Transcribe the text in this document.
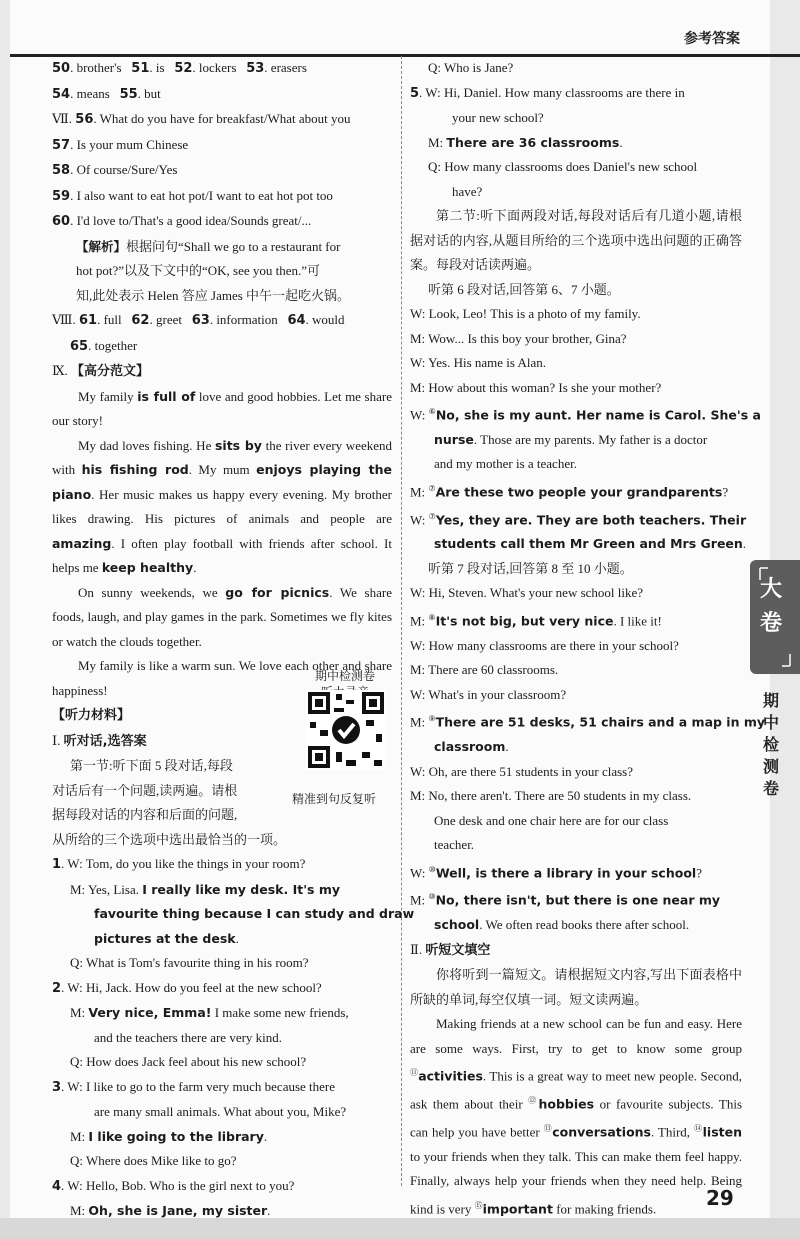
参考答案
50. brother's   51. is   52. lockers   53. erasers
54. means   55. but
Ⅶ. 56. What do you have for breakfast/What about you
57. Is your mum Chinese
58. Of course/Sure/Yes
59. I also want to eat hot pot/I want to eat hot pot too
60. I'd love to/That's a good idea/Sounds great/...
【解析】根据问句“Shall we go to a restaurant for
hot pot?”以及下文中的“OK, see you then.”可
知,此处表示 Helen 答应 James 中午一起吃火锅。
Ⅷ. 61. full   62. greet   63. information   64. would
65. together
Ⅸ. 【高分范文】
My family is full of love and good hobbies. Let me share our story!
My dad loves fishing. He sits by the river every weekend with his fishing rod. My mum enjoys playing the piano. Her music makes us happy every evening. My brother likes drawing. His pictures of animals and people are amazing. I often play football with friends after school. It helps me keep healthy.
On sunny weekends, we go for picnics. We share foods, laugh, and play games in the park. Sometimes we fly kites or watch the clouds together.
My family is like a warm sun. We love each other and share happiness!
【听力材料】
Ⅰ. 听对话,选答案
第一节:听下面 5 段对话,每段
对话后有一个问题,读两遍。请根
据每段对话的内容和后面的问题,
从所给的三个选项中选出最恰当的一项。
1. W: Tom, do you like the things in your room?
M: Yes, Lisa. I really like my desk. It's my
favourite thing because I can study and draw
pictures at the desk.
Q: What is Tom's favourite thing in his room?
2. W: Hi, Jack. How do you feel at the new school?
M: Very nice, Emma! I make some new friends,
and the teachers there are very kind.
Q: How does Jack feel about his new school?
3. W: I like to go to the farm very much because there
are many small animals. What about you, Mike?
M: I like going to the library.
Q: Where does Mike like to go?
4. W: Hello, Bob. Who is the girl next to you?
M: Oh, she is Jane, my sister.
Q: Who is Jane?
5. W: Hi, Daniel. How many classrooms are there in
your new school?
M: There are 36 classrooms.
Q: How many classrooms does Daniel's new school
have?
第二节:听下面两段对话,每段对话后有几道小题,请根据对话的内容,从题目所给的三个选项中选出问题的正确答案。每段对话读两遍。
听第 6 段对话,回答第 6、7 小题。
W: Look, Leo! This is a photo of my family.
M: Wow... Is this boy your brother, Gina?
W: Yes. His name is Alan.
M: How about this woman? Is she your mother?
W: ⑥No, she is my aunt. Her name is Carol. She's a
nurse. Those are my parents. My father is a doctor
and my mother is a teacher.
M: ⑦Are these two people your grandparents?
W: ⑦Yes, they are. They are both teachers. Their
students call them Mr Green and Mrs Green.
听第 7 段对话,回答第 8 至 10 小题。
W: Hi, Steven. What's your new school like?
M: ⑧It's not big, but very nice. I like it!
W: How many classrooms are there in your school?
M: There are 60 classrooms.
W: What's in your classroom?
M: ⑨There are 51 desks, 51 chairs and a map in my
classroom.
W: Oh, are there 51 students in your class?
M: No, there aren't. There are 50 students in my class.
One desk and one chair here are for our class
teacher.
W: ⑩Well, is there a library in your school?
M: ⑩No, there isn't, but there is one near my
school. We often read books there after school.
Ⅱ. 听短文填空
你将听到一篇短文。请根据短文内容,写出下面表格中所缺的单词,每空仅填一词。短文读两遍。
Making friends at a new school can be fun and easy. Here are some ways. First, try to get to know some group ⑪activities. This is a great way to meet new people. Second, ask them about their ⑫hobbies or favourite subjects. This can help you have better ⑬conversations. Third, ⑭listen to your friends when they talk. This can make them feel happy. Finally, always help your friends when they need help. Being kind is very ⑮important for making friends.
期中检测卷
精准到句反复听
大
卷
期
中
检
测
卷
29
